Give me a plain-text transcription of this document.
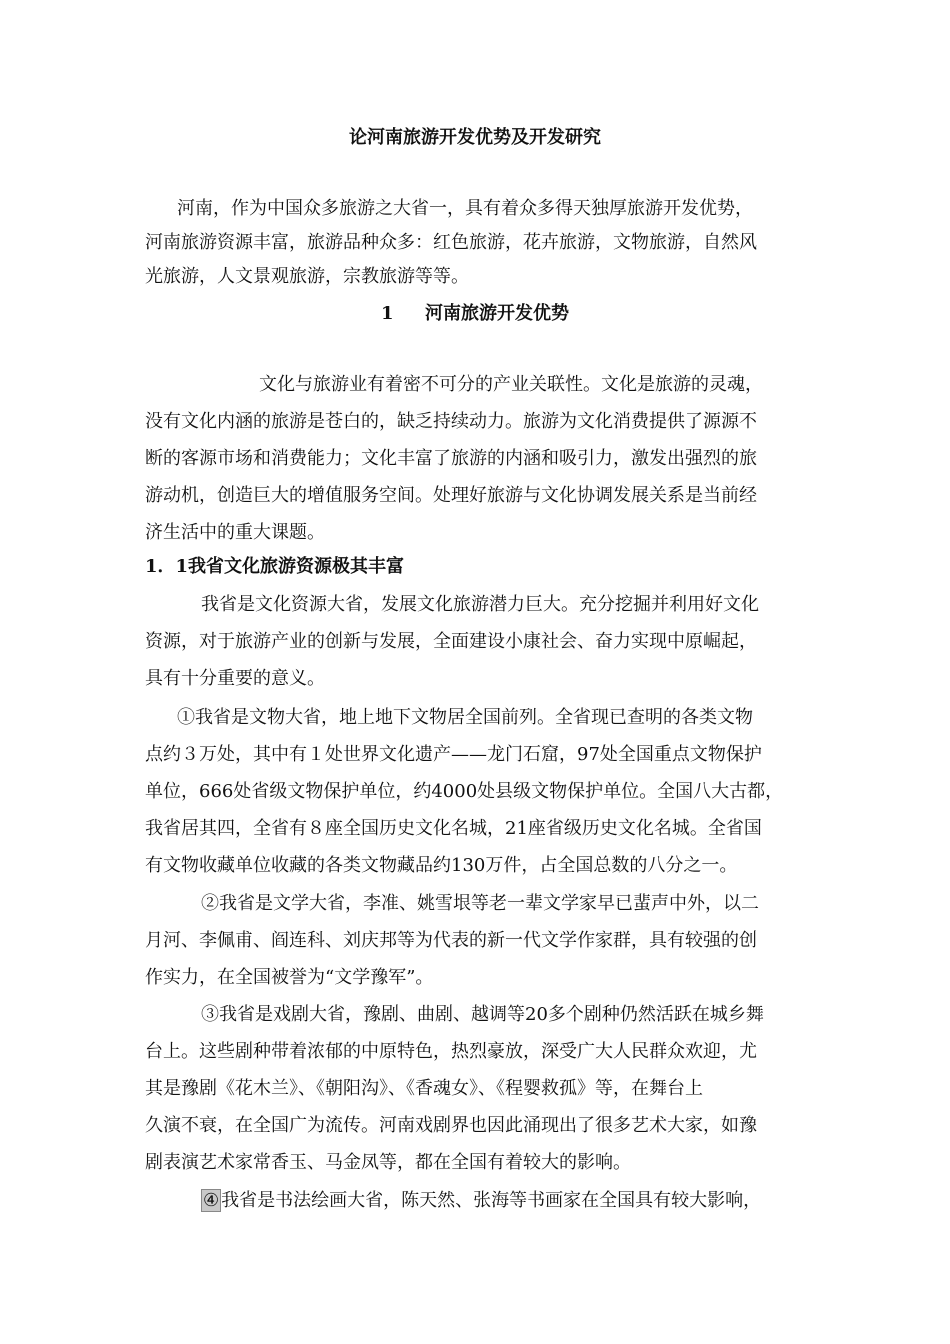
论河南旅游开发优势及开发研究
河南，作为中国众多旅游之大省一，具有着众多得天独厚旅游开发优势，
河南旅游资源丰富，旅游品种众多：红色旅游，花卉旅游，文物旅游，自然风
光旅游，人文景观旅游，宗教旅游等等。
1 河南旅游开发优势
文化与旅游业有着密不可分的产业关联性。文化是旅游的灵魂，
没有文化内涵的旅游是苍白的，缺乏持续动力。旅游为文化消费提供了源源不
断的客源市场和消费能力；文化丰富了旅游的内涵和吸引力，激发出强烈的旅
游动机，创造巨大的增值服务空间。处理好旅游与文化协调发展关系是当前经
济生活中的重大课题。
1．1我省文化旅游资源极其丰富
我省是文化资源大省，发展文化旅游潜力巨大。充分挖掘并利用好文化
资源，对于旅游产业的创新与发展，全面建设小康社会、奋力实现中原崛起，
具有十分重要的意义。
①我省是文物大省，地上地下文物居全国前列。全省现已查明的各类文物
点约３万处，其中有１处世界文化遗产——龙门石窟，97处全国重点文物保护
单位，666处省级文物保护单位，约4000处县级文物保护单位。全国八大古都，
我省居其四，全省有８座全国历史文化名城，21座省级历史文化名城。全省国
有文物收藏单位收藏的各类文物藏品约130万件，占全国总数的八分之一。
②我省是文学大省，李准、姚雪垠等老一辈文学家早已蜚声中外，以二
月河、李佩甫、阎连科、刘庆邦等为代表的新一代文学作家群，具有较强的创
作实力，在全国被誉为“文学豫军”。
③我省是戏剧大省，豫剧、曲剧、越调等20多个剧种仍然活跃在城乡舞
台上。这些剧种带着浓郁的中原特色，热烈豪放，深受广大人民群众欢迎，尤
其是豫剧《花木兰》、《朝阳沟》、《香魂女》、《程婴救孤》等，在舞台上
久演不衰，在全国广为流传。河南戏剧界也因此涌现出了很多艺术大家，如豫
剧表演艺术家常香玉、马金凤等，都在全国有着较大的影响。
④ 我省是书法绘画大省，陈天然、张海等书画家在全国具有较大影响，
